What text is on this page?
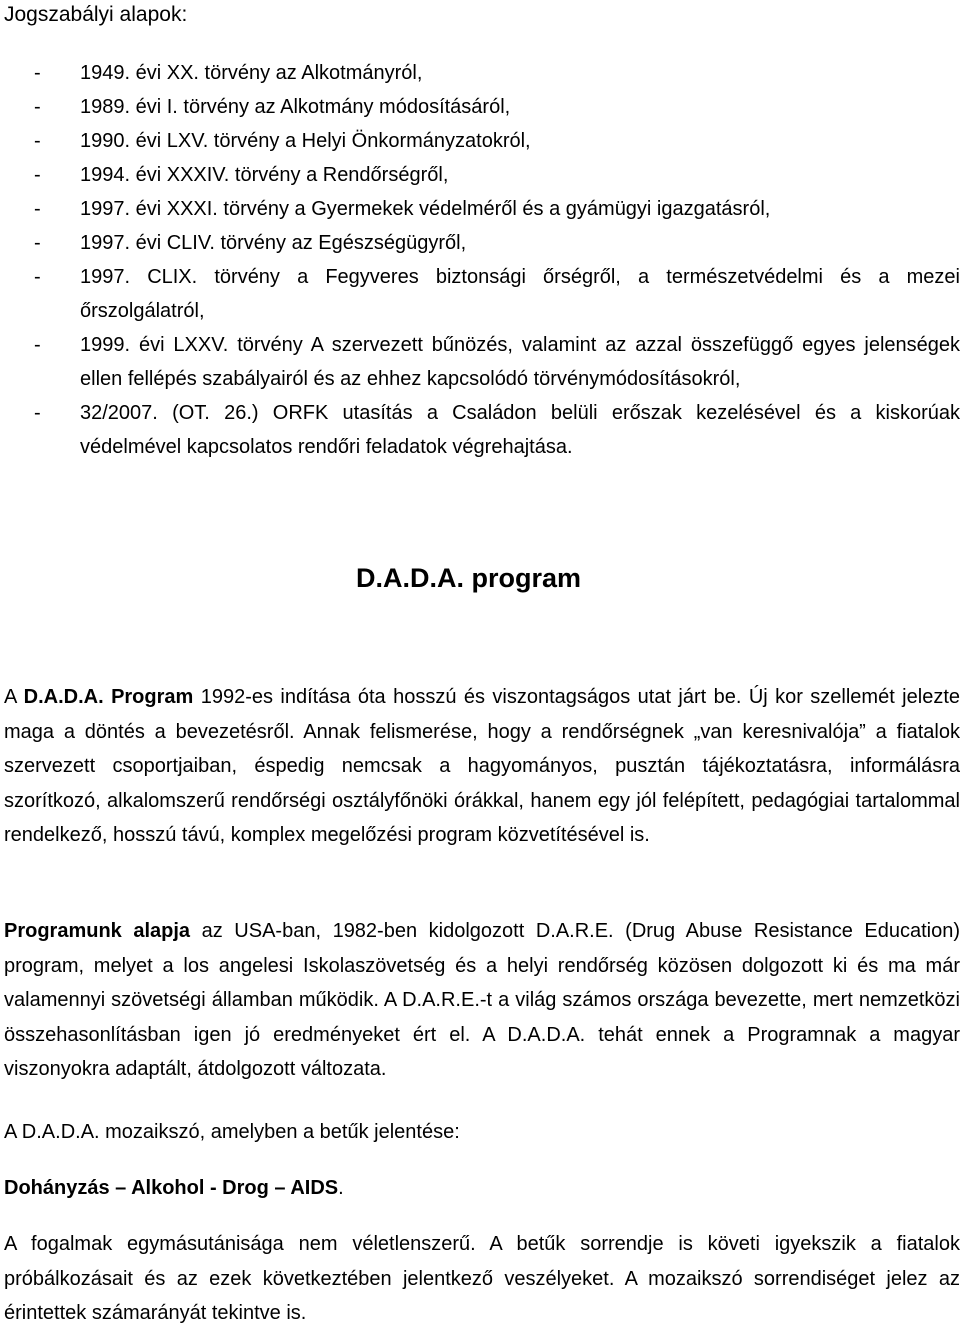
Jogszabályi alapok:
- 1949. évi XX. törvény az Alkotmányról,
- 1989. évi I. törvény az Alkotmány módosításáról,
- 1990. évi LXV. törvény a Helyi Önkormányzatokról,
- 1994. évi XXXIV. törvény a Rendőrségről,
- 1997. évi XXXI. törvény a Gyermekek védelméről és a gyámügyi igazgatásról,
- 1997. évi CLIV. törvény az Egészségügyről,
- 1997. CLIX. törvény a Fegyveres biztonsági őrségről, a természetvédelmi és a mezei őrszolgálatról,
- 1999. évi LXXV. törvény A szervezett bűnözés, valamint az azzal összefüggő egyes jelenségek ellen fellépés szabályairól és az ehhez kapcsolódó törvénymódosításokról,
- 32/2007. (OT. 26.) ORFK utasítás a Családon belüli erőszak kezelésével és a kiskorúak védelmével kapcsolatos rendőri feladatok végrehajtása.
D.A.D.A. program

A D.A.D.A. Program 1992-es indítása óta hosszú és viszontagságos utat járt be. Új kor szellemét jelezte maga a döntés a bevezetésről. Annak felismerése, hogy a rendőrségnek „van keresnivalója” a fiatalok szervezett csoportjaiban, éspedig nemcsak a hagyományos, pusztán tájékoztatásra, informálásra szorítkozó, alkalomszerű rendőrségi osztályfőnöki órákkal, hanem egy jól felépített, pedagógiai tartalommal rendelkező, hosszú távú, komplex megelőzési program közvetítésével is.

Programunk alapja az USA-ban, 1982-ben kidolgozott D.A.R.E. (Drug Abuse Resistance Education) program, melyet a los angelesi Iskolaszövetség és a helyi rendőrség közösen dolgozott ki és ma már valamennyi szövetségi államban működik. A D.A.R.E.-t a világ számos országa bevezette, mert nemzetközi összehasonlításban igen jó eredményeket ért el. A D.A.D.A. tehát ennek a Programnak a magyar viszonyokra adaptált, átdolgozott változata.

A D.A.D.A. mozaikszó, amelyben a betűk jelentése:

Dohányzás – Alkohol - Drog – AIDS.

A fogalmak egymásutánisága nem véletlenszerű. A betűk sorrendje is követi igyekszik a fiatalok próbálkozásait és az ezek következtében jelentkező veszélyeket. A mozaikszó sorrendiséget jelez az érintettek számarányát tekintve is.
